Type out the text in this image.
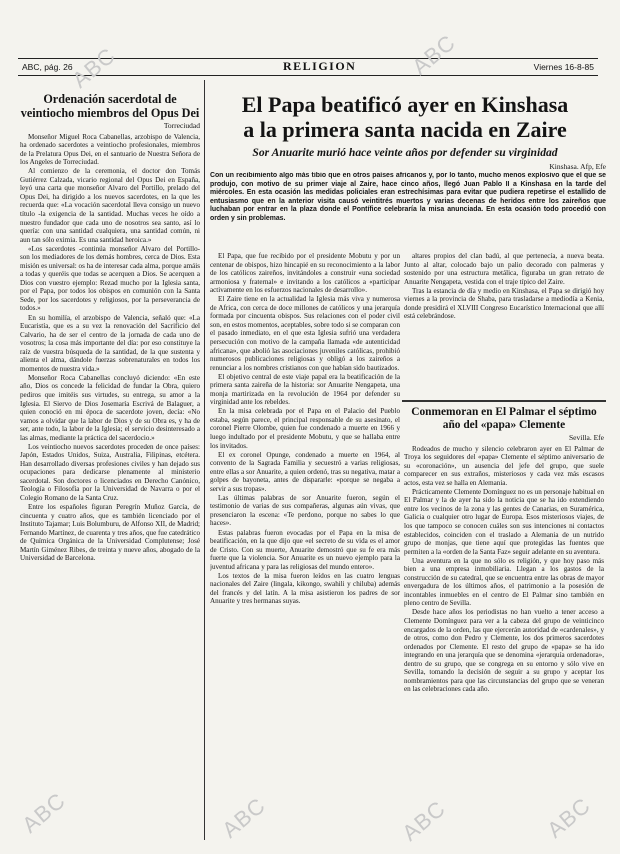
ABC, pág. 26	RELIGION	Viernes 16-8-85
ABC	ABC
ABC	ABC	ABC	ABC
Ordenación sacerdotal de veintiocho miembros del Opus Dei
Torreciudad

Monseñor Miguel Roca Cabanellas, arzobispo de Valencia, ha ordenado sacerdotes a veintiocho profesionales, miembros de la Prelatura Opus Dei, en el santuario de Nuestra Señora de los Angeles de Torreciudad.

Al comienzo de la ceremonia, el doctor don Tomás Gutiérrez Calzada, vicario regional del Opus Dei en España, leyó una carta que monseñor Alvaro del Portillo, prelado del Opus Dei, ha dirigido a los nuevos sacerdotes, en la que les recuerda que: «La vocación sacerdotal lleva consigo un nuevo título -la exigencia de la santidad. Muchas veces he oído a nuestro fundador que cada uno de nosotros sea santo, así lo quería: con una santidad cualquiera, una santidad común, ni aun tan sólo eximia. Es una santidad heroica.»

«Los sacerdotes -continúa monseñor Alvaro del Portillo- son los mediadores de los demás hombres, cerca de Dios. Esta misión es universal: os ha de interesar cada alma, porque amáis a todas y queréis que todas se acerquen a Dios. Se acerquen a Dios con vuestro ejemplo: Rezad mucho por la Iglesia santa, por el Papa, por todos los obispos en comunión con la Santa Sede, por los sacerdotes y religiosos, por la perseverancia de todos.»

En su homilía, el arzobispo de Valencia, señaló que: «La Eucaristía, que es a su vez la renovación del Sacrificio del Calvario, ha de ser el centro de la jornada de cada uno de vosotros; la cosa más importante del día: por eso constituye la raíz de vuestra búsqueda de la santidad, de la que sustenta y alienta el alma, dándole fuerzas sobrenaturales en todos los momentos de nuestra vida.»

Monseñor Roca Cabanellas concluyó diciendo: «En este año, Dios os concede la felicidad de fundar la Obra, quiero pediros que imitéis sus virtudes, su entrega, su amor a la Iglesia. El Siervo de Dios Josemaría Escrivá de Balaguer, a quien conoció en mi época de sacerdote joven, decía: «No vamos a olvidar que la labor de Dios y de su Obra es, y ha de ser, ante todo, la labor de la Iglesia; el servicio desinteresado a las almas, mediante la práctica del sacerdocio.»

Los veintiocho nuevos sacerdotes proceden de once países: Japón, Estados Unidos, Suiza, Australia, Filipinas, etcétera. Han desarrollado diversas profesiones civiles y han dejado sus ocupaciones para dedicarse plenamente al ministerio sacerdotal. Son doctores o licenciados en Derecho Canónico, Teología o Filosofía por la Universidad de Navarra o por el Colegio Romano de la Santa Cruz.

Entre los españoles figuran Peregrín Muñoz García, de cincuenta y cuatro años, que es también licenciado por el Instituto Tajamar; Luis Bolumburu, de Alfonso XII, de Madrid; Fernando Martínez, de cuarenta y tres años, que fue catedrático de Química Orgánica de la Universidad Complutense; José Martín Giménez Ribes, de treinta y nueve años, abogado de la Universidad de Barcelona.

El Papa beatificó ayer en Kinshasa
a la primera santa nacida en Zaire
Sor Anuarite murió hace veinte años por defender su virginidad
Kinshasa. Afp, Efe
Con un recibimiento algo más tibio que en otros países africanos y, por lo tanto, mucho menos explosivo que el que se produjo, con motivo de su primer viaje al Zaire, hace cinco años, llegó Juan Pablo II a Kinshasa en la tarde del miércoles. En esta ocasión las medidas policiales eran estrechísimas para evitar que pudiera repetirse el estallido de entusiasmo que en la anterior visita causó veintitrés muertos y varias decenas de heridos entre los zaireños que luchaban por entrar en la plaza donde el Pontífice celebraría la misa anunciada. En esta ocasión todo procedió con orden y sin problemas.

El Papa, que fue recibido por el presidente Mobutu y por un centenar de obispos, hizo hincapié en su reconocimiento a la labor de los católicos zaireños, invitándoles a construir «una sociedad armoniosa y fraternal» e invitando a los católicos a «participar activamente en los esfuerzos nacionales de desarrollo».

El Zaire tiene en la actualidad la Iglesia más viva y numerosa de Africa, con cerca de doce millones de católicos y una jerarquía formada por cincuenta obispos. Sus relaciones con el poder civil son, en estos momentos, aceptables, sobre todo si se comparan con el pasado inmediato, en el que esta Iglesia sufrió una verdadera persecución con motivo de la campaña llamada «de autenticidad africana», que abolió las asociaciones juveniles católicas, prohibió numerosos publicaciones religiosas y obligó a los zaireños a renunciar a los nombres cristianos con que habían sido bautizados.

El objetivo central de este viaje papal era la beatificación de la primera santa zaireña de la historia: sor Anuarite Nengapeta, una monja martirizada en la revolución de 1964 por defender su virginidad ante los rebeldes.

En la misa celebrada por el Papa en el Palacio del Pueblo estaba, según parece, el principal responsable de su asesinato, el coronel Pierre Olombe, quien fue condenado a muerte en 1966 y luego indultado por el presidente Mobutu, y que se hallaba entre los invitados.

El ex coronel Opunge, condenado a muerte en 1964, al convento de la Sagrada Familia y secuestró a varias religiosas, entre ellas a sor Anuarite, a quien ordenó, tras su negativa, matar a golpes de bayoneta, antes de dispararle: «porque se negaba a servir a sus tropas».

Las últimas palabras de sor Anuarite fueron, según el testimonio de varias de sus compañeras, algunas aún vivas, que presenciaron la escena: «Te perdono, porque no sabes lo que haces».

Estas palabras fueron evocadas por el Papa en la misa de beatificación, en la que dijo que «el secreto de su vida es el amor de Cristo. Con su muerte, Anuarite demostró que su fe era más fuerte que la violencia. Sor Anuarite es un nuevo ejemplo para la juventud africana y para las religiosas del mundo entero».

Los textos de la misa fueron leídos en las cuatro lenguas nacionales del Zaire (lingala, kikongo, swahili y chiluba) además del francés y del latín. A la misa asistieron los padres de sor Anuarite y tres hermanas suyas.

altares propios del clan badú, al que pertenecía, a nueva beata. Junto al altar, colocado bajo un palio decorado con palmeras y sostenido por una estructura metálica, figuraba un gran retrato de Anuarite Nengapeta, vestida con el traje típico del Zaire.

Tras la estancia de día y medio en Kinshasa, el Papa se dirigió hoy viernes a la provincia de Shaba, para trasladarse a mediodía a Kenia, donde presidirá el XLVIII Congreso Eucarístico Internacional que allí está celebrándose.

Conmemoran en El Palmar el séptimo año del «papa» Clemente
Sevilla. Efe

Rodeados de mucho y silencio celebraron ayer en El Palmar de Troya los seguidores del «papa» Clemente el séptimo aniversario de su «coronación», un ausencia del jefe del grupo, que suele comparecer en sus extraños, misteriosos y cada vez más escasos actos, esta vez se halla en Alemania.

Prácticamente Clemente Domínguez no es un personaje habitual en El Palmar y la de ayer ha sido la noticia que se ha ido extendiendo entre los vecinos de la zona y las gentes de Canarias, en Suramérica, Galicia o cualquier otro lugar de Europa. Esos misteriosos viajes, de los que tampoco se conocen cuáles son sus intenciones ni contactos establecidos, coinciden con el traslado a Alemania de un nutrido grupo de monjas, que tiene aquí que protegidas las fuentes que permiten a la «orden de la Santa Faz» seguir adelante en su aventura.

Una aventura en la que no sólo es religión, y que hoy paso más bien a una empresa inmobiliaria. Llegan a los gastos de la construcción de su catedral, que se encuentra entre las obras de mayor envergadura de los últimos años, el patrimonio a la posesión de incontables inmuebles en el centro de El Palmar sino también en pleno centro de Sevilla.

Desde hace años los periodistas no han vuelto a tener acceso a Clemente Domínguez para ver a la cabeza del grupo de veinticinco encargados de la orden, las que ejercerán autoridad de «cardenales», y de otros, como don Pedro y Clemente, los dos primeros sacerdotes ordenados por Clemente. El resto del grupo de «papa» se ha ido integrando en una jerarquía que se denomina «jerarquía ordenadora», dentro de su grupo, que se congrega en su entorno y sólo vive en Sevilla, tomando la decisión de seguir a su grupo y aceptar los nombramientos para que las circunstancias del grupo que se veneran en las celebraciones cada año.
